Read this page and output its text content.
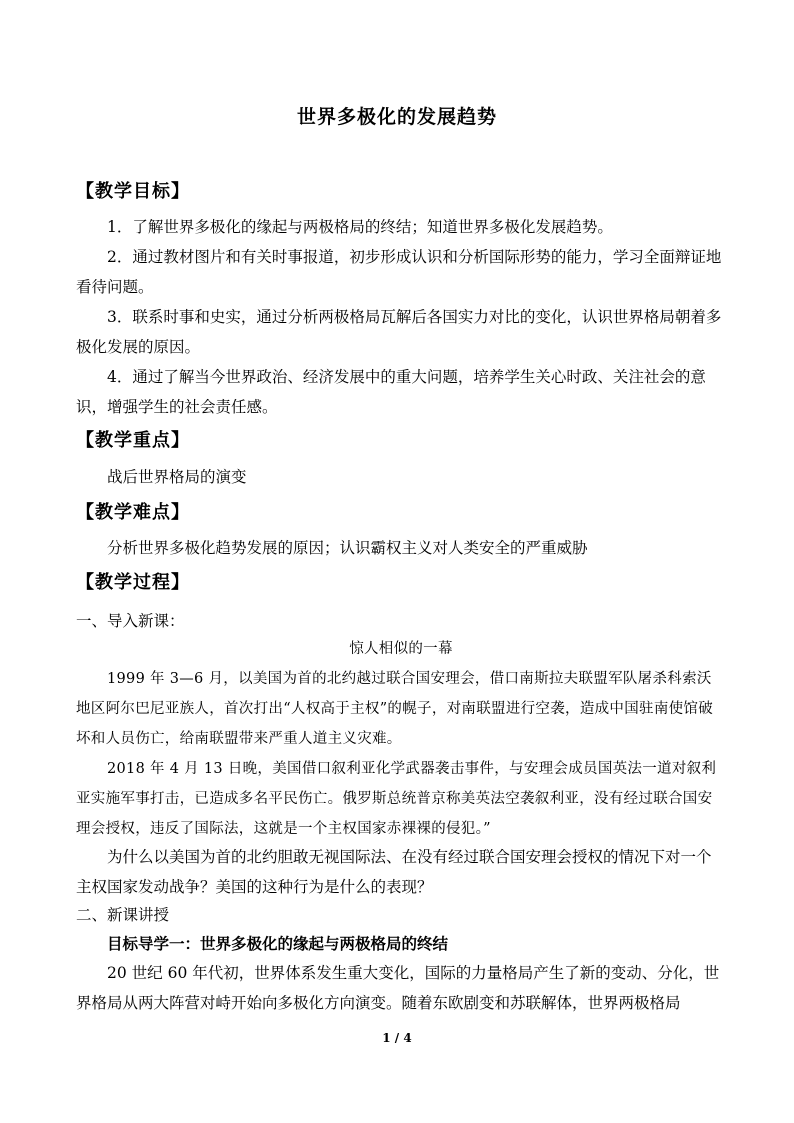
世界多极化的发展趋势
【教学目标】
1．了解世界多极化的缘起与两极格局的终结；知道世界多极化发展趋势。
2．通过教材图片和有关时事报道，初步形成认识和分析国际形势的能力，学习全面辩证地看待问题。
3．联系时事和史实，通过分析两极格局瓦解后各国实力对比的变化，认识世界格局朝着多极化发展的原因。
4．通过了解当今世界政治、经济发展中的重大问题，培养学生关心时政、关注社会的意识，增强学生的社会责任感。
【教学重点】
战后世界格局的演变
【教学难点】
分析世界多极化趋势发展的原因；认识霸权主义对人类安全的严重威胁
【教学过程】
一、导入新课：
惊人相似的一幕
1999 年 3—6 月，以美国为首的北约越过联合国安理会，借口南斯拉夫联盟军队屠杀科索沃地区阿尔巴尼亚族人，首次打出“人权高于主权”的幌子，对南联盟进行空袭，造成中国驻南使馆破坏和人员伤亡，给南联盟带来严重人道主义灾难。
2018 年 4 月 13 日晚，美国借口叙利亚化学武器袭击事件，与安理会成员国英法一道对叙利亚实施军事打击，已造成多名平民伤亡。俄罗斯总统普京称美英法空袭叙利亚，没有经过联合国安理会授权，违反了国际法，这就是一个主权国家赤裸裸的侵犯。”
为什么以美国为首的北约胆敢无视国际法、在没有经过联合国安理会授权的情况下对一个主权国家发动战争？美国的这种行为是什么的表现？
二、新课讲授
目标导学一：世界多极化的缘起与两极格局的终结
20 世纪 60 年代初，世界体系发生重大变化，国际的力量格局产生了新的变动、分化，世界格局从两大阵营对峙开始向多极化方向演变。随着东欧剧变和苏联解体，世界两极格局
1 / 4
